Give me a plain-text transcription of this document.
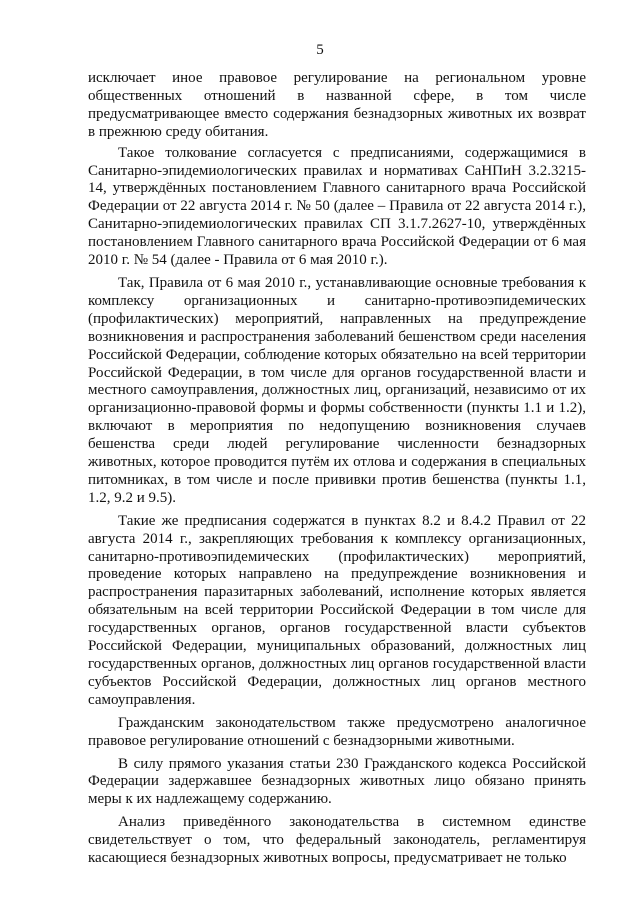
5

исключает иное правовое регулирование на региональном уровне общественных отношений в названной сфере, в том числе предусматривающее вместо содержания безнадзорных животных их возврат в прежнюю среду обитания.

Такое толкование согласуется с предписаниями, содержащимися в Санитарно-эпидемиологических правилах и нормативах СаНПиН 3.2.3215-14, утверждённых постановлением Главного санитарного врача Российской Федерации от 22 августа 2014 г. № 50 (далее – Правила от 22 августа 2014 г.), Санитарно-эпидемиологических правилах СП 3.1.7.2627-10, утверждённых постановлением Главного санитарного врача Российской Федерации от 6 мая 2010 г. № 54 (далее - Правила от 6 мая 2010 г.).

Так, Правила от 6 мая 2010 г., устанавливающие основные требования к комплексу организационных и санитарно-противоэпидемических (профилактических) мероприятий, направленных на предупреждение возникновения и распространения заболеваний бешенством среди населения Российской Федерации, соблюдение которых обязательно на всей территории Российской Федерации, в том числе для органов государственной власти и местного самоуправления, должностных лиц, организаций, независимо от их организационно-правовой формы и формы собственности (пункты 1.1 и 1.2), включают в мероприятия по недопущению возникновения случаев бешенства среди людей регулирование численности безнадзорных животных, которое проводится путём их отлова и содержания в специальных питомниках, в том числе и после прививки против бешенства (пункты 1.1, 1.2, 9.2 и 9.5).

Такие же предписания содержатся в пунктах 8.2 и 8.4.2 Правил от 22 августа 2014 г., закрепляющих требования к комплексу организационных, санитарно-противоэпидемических (профилактических) мероприятий, проведение которых направлено на предупреждение возникновения и распространения паразитарных заболеваний, исполнение которых является обязательным на всей территории Российской Федерации в том числе для государственных органов, органов государственной власти субъектов Российской Федерации, муниципальных образований, должностных лиц государственных органов, должностных лиц органов государственной власти субъектов Российской Федерации, должностных лиц органов местного самоуправления.

Гражданским законодательством также предусмотрено аналогичное правовое регулирование отношений с безнадзорными животными.

В силу прямого указания статьи 230 Гражданского кодекса Российской Федерации задержавшее безнадзорных животных лицо обязано принять меры к их надлежащему содержанию.

Анализ приведённого законодательства в системном единстве свидетельствует о том, что федеральный законодатель, регламентируя касающиеся безнадзорных животных вопросы, предусматривает не только
